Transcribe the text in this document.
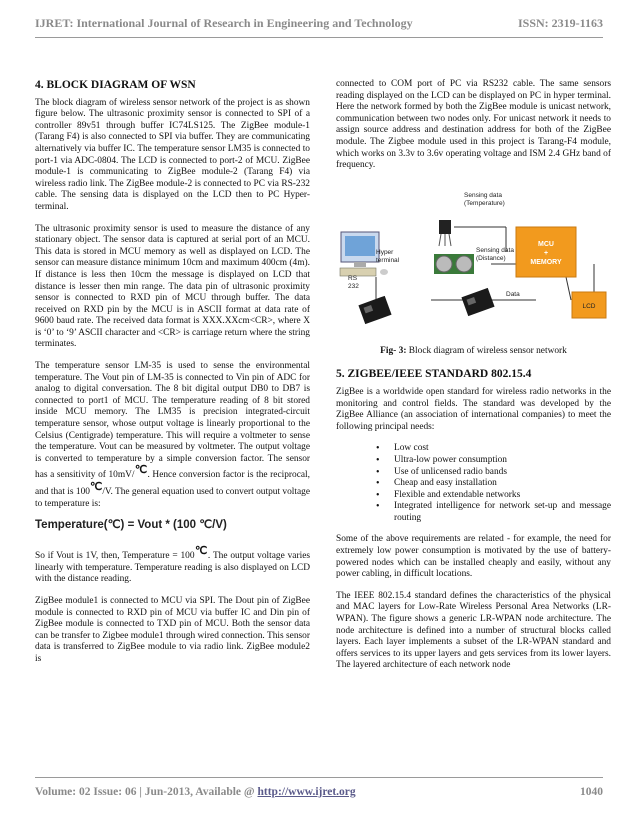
IJRET: International Journal of Research in Engineering and Technology	ISSN: 2319-1163
4. BLOCK DIAGRAM OF WSN

The block diagram of wireless sensor network of the project is as shown figure below. The ultrasonic proximity sensor is connected to SPI of a controller 89v51 through buffer IC74LS125. The ZigBee module-1 (Tarang F4) is also connected to SPI via buffer. They are communicating alternatively via buffer IC. The temperature sensor LM35 is connected to port-1 via ADC-0804. The LCD is connected to port-2 of MCU. ZigBee module-1 is communicating to ZigBee module-2 (Tarang F4) via wireless radio link. The ZigBee module-2 is connected to PC via RS-232 cable. The sensing data is displayed on the LCD then to PC Hyper-terminal.

The ultrasonic proximity sensor is used to measure the distance of any stationary object. The sensor data is captured at serial port of an MCU. This data is stored in MCU memory as well as displayed on LCD. The sensor can measure distance minimum 10cm and maximum 400cm (4m). If distance is less then 10cm the message is displayed on LCD that distance is lesser then min range. The data pin of ultrasonic proximity sensor is connected to RXD pin of MCU through buffer. The data received on RXD pin by the MCU is in ASCII format at data rate of 9600 baud rate. The received data format is XXX.XXcm<CR>, where X is ‘0’ to ‘9’ ASCII character and <CR> is carriage return where the string terminates.

The temperature sensor LM-35 is used to sense the environmental temperature. The Vout pin of LM-35 is connected to Vin pin of ADC for analog to digital conversation. The 8 bit digital output DB0 to DB7 is connected to port1 of MCU. The temperature reading of 8 bit stored inside MCU memory. The LM35 is precision integrated-circuit temperature sensor, whose output voltage is linearly proportional to the Celsius (Centigrade) temperature. This will require a voltmeter to sense the temperature. Vout can be measured by voltmeter. The output voltage is converted to temperature by a simple conversion factor. The sensor has a sensitivity of 10mV/℃. Hence conversion factor is the reciprocal, and that is 100℃/V. The general equation used to convert output voltage to temperature is:

Temperature(℃) = Vout * (100 ℃/V)

So if Vout is 1V, then, Temperature = 100℃. The output voltage varies linearly with temperature. Temperature reading is also displayed on LCD with the distance reading.

ZigBee module1 is connected to MCU via SPI. The Dout pin of ZigBee module is connected to RXD pin of MCU via buffer IC and Din pin of ZigBee module is connected to TXD pin of MCU. Both the sensor data can be transfer to Zigbee module1 through wired connection. This sensor data is transferred to ZigBee module to via radio link. ZigBee module2 is

connected to COM port of PC via RS232 cable. The same sensors reading displayed on the LCD can be displayed on PC in hyper terminal. Here the network formed by both the ZigBee module is unicast network, communication between two nodes only. For unicast network it needs to assign source address and destination address for both of the ZigBee module. The Zigbee module used in this project is Tarang-F4 module, which works on 3.3v to 3.6v operating voltage and ISM 2.4 GHz band of frequency.

Sensing data (Temperature)
Sensing data (Distance)
MCU + MEMORY
Hyper terminal
RS 232
Data
LCD
Fig- 3: Block diagram of wireless sensor network
5. ZIGBEE/IEEE STANDARD 802.15.4

ZigBee is a worldwide open standard for wireless radio networks in the monitoring and control fields. The standard was developed by the ZigBee Alliance (an association of international companies) to meet the following principal needs:

• Low cost
• Ultra-low power consumption
• Use of unlicensed radio bands
• Cheap and easy installation
• Flexible and extendable networks
• Integrated intelligence for network set-up and message routing

Some of the above requirements are related - for example, the need for extremely low power consumption is motivated by the use of battery-powered nodes which can be installed cheaply and easily, without any power cabling, in difficult locations.

The IEEE 802.15.4 standard defines the characteristics of the physical and MAC layers for Low-Rate Wireless Personal Area Networks (LR-WPAN). The figure shows a generic LR-WPAN node architecture. The node architecture is defined into a number of structural blocks called layers. Each layer implements a subset of the LR-WPAN standard and offers services to its upper layers and gets services from its lower layers. The layered architecture of each network node

Volume: 02 Issue: 06 | Jun-2013, Available @ http://www.ijret.org	1040
